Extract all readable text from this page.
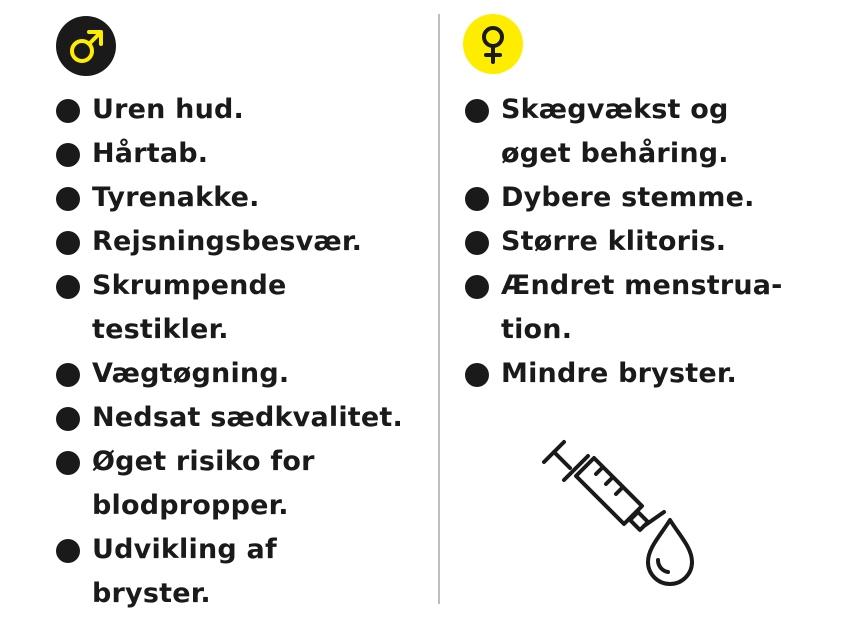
Uren hud.
Hårtab.
Tyrenakke.
Rejsningsbesvær.
Skrumpende testikler.
Vægtøgning.
Nedsat sædkvalitet.
Øget risiko for blodpropper.
Udvikling af bryster.
Skægvækst og øget behåring.
Dybere stemme.
Større klitoris.
Ændret menstrua-tion.
Mindre bryster.
